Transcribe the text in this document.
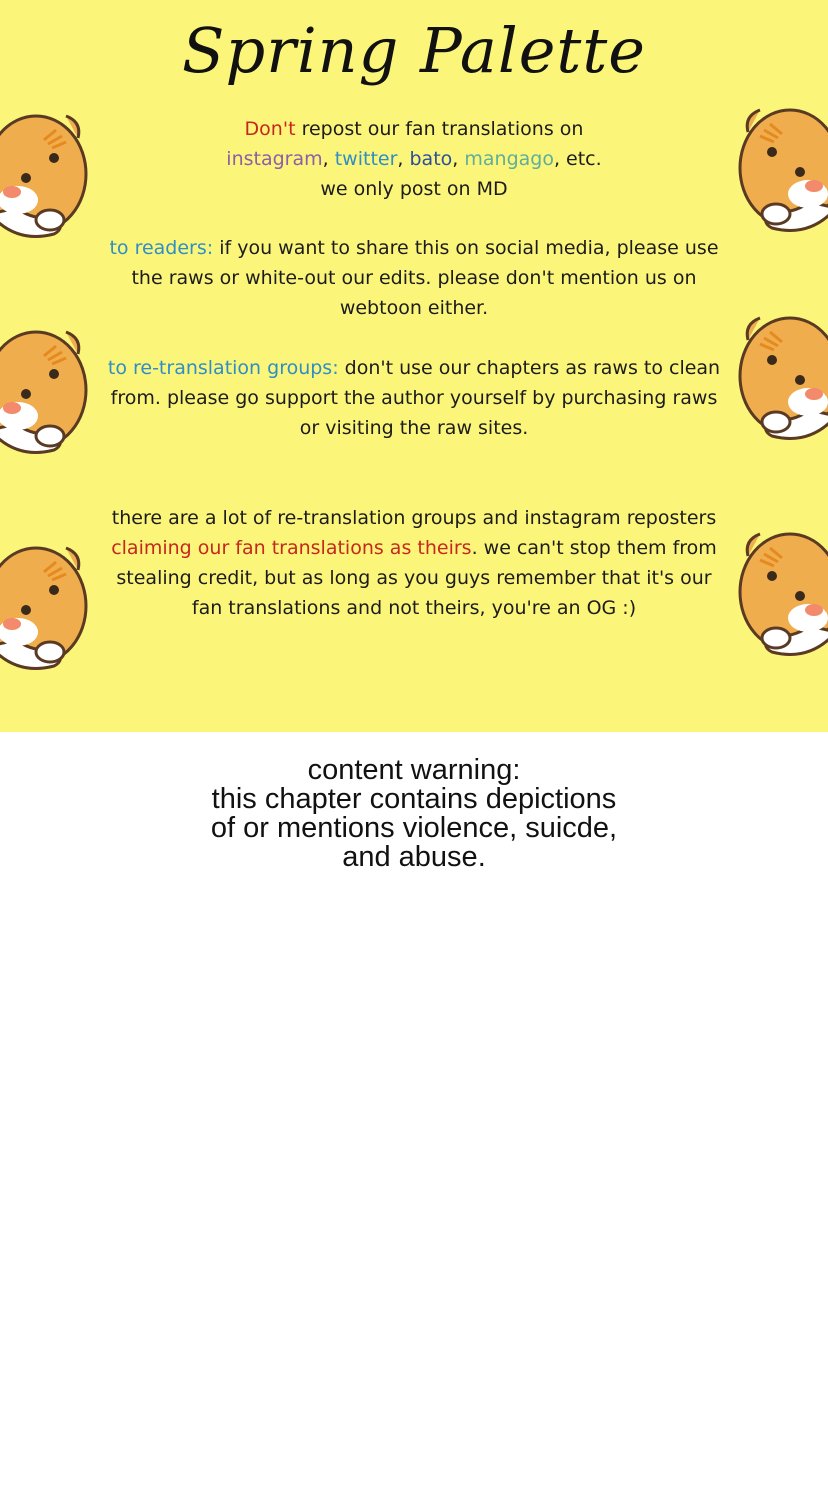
Spring Palette
Don't repost our fan translations on
instagram, twitter, bato, mangago, etc.
we only post on MD

to readers: if you want to share this on social media, please use the raws or white-out our edits. please don't mention us on webtoon either.

to re-translation groups: don't use our chapters as raws to clean from. please go support the author yourself by purchasing raws or visiting the raw sites.

there are a lot of re-translation groups and instagram reposters claiming our fan translations as theirs. we can't stop them from stealing credit, but as long as you guys remember that it's our fan translations and not theirs, you're an OG :)

content warning:
this chapter contains depictions
of or mentions violence, suicde,
and abuse.
